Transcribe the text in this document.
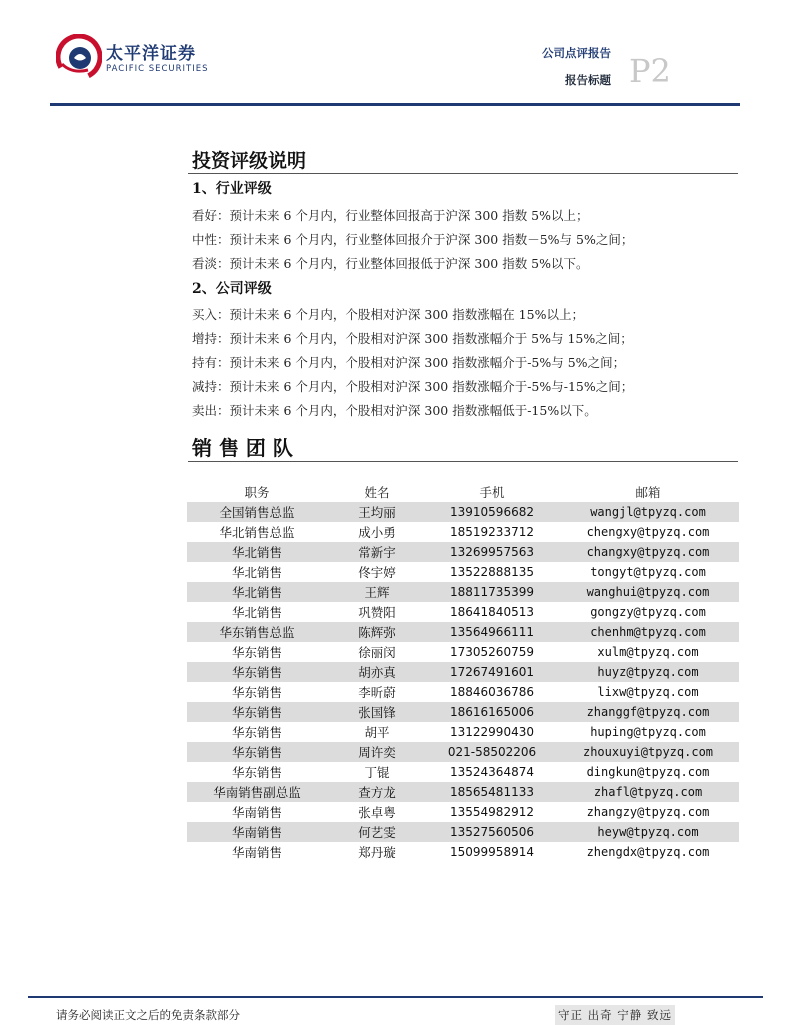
太平洋证券
PACIFIC SECURITIES
公司点评报告
报告标题 P2
投资评级说明
1、行业评级
看好：预计未来 6 个月内，行业整体回报高于沪深 300 指数 5%以上；
中性：预计未来 6 个月内，行业整体回报介于沪深 300 指数－5%与 5%之间；
看淡：预计未来 6 个月内，行业整体回报低于沪深 300 指数 5%以下。
2、公司评级
买入：预计未来 6 个月内，个股相对沪深 300 指数涨幅在 15%以上；
增持：预计未来 6 个月内，个股相对沪深 300 指数涨幅介于 5%与 15%之间；
持有：预计未来 6 个月内，个股相对沪深 300 指数涨幅介于-5%与 5%之间；
减持：预计未来 6 个月内，个股相对沪深 300 指数涨幅介于-5%与-15%之间；
卖出：预计未来 6 个月内，个股相对沪深 300 指数涨幅低于-15%以下。
销 售 团 队
职务	姓名	手机	邮箱
全国销售总监	王均丽	13910596682	wangjl@tpyzq.com
华北销售总监	成小勇	18519233712	chengxy@tpyzq.com
华北销售	常新宇	13269957563	changxy@tpyzq.com
华北销售	佟宇婷	13522888135	tongyt@tpyzq.com
华北销售	王辉	18811735399	wanghui@tpyzq.com
华北销售	巩赞阳	18641840513	gongzy@tpyzq.com
华东销售总监	陈辉弥	13564966111	chenhm@tpyzq.com
华东销售	徐丽闵	17305260759	xulm@tpyzq.com
华东销售	胡亦真	17267491601	huyz@tpyzq.com
华东销售	李昕蔚	18846036786	lixw@tpyzq.com
华东销售	张国锋	18616165006	zhanggf@tpyzq.com
华东销售	胡平	13122990430	huping@tpyzq.com
华东销售	周许奕	021-58502206	zhouxuyi@tpyzq.com
华东销售	丁锟	13524364874	dingkun@tpyzq.com
华南销售副总监	查方龙	18565481133	zhafl@tpyzq.com
华南销售	张卓粤	13554982912	zhangzy@tpyzq.com
华南销售	何艺雯	13527560506	heyw@tpyzq.com
华南销售	郑丹璇	15099958914	zhengdx@tpyzq.com
请务必阅读正文之后的免责条款部分	守正 出奇 宁静 致远
